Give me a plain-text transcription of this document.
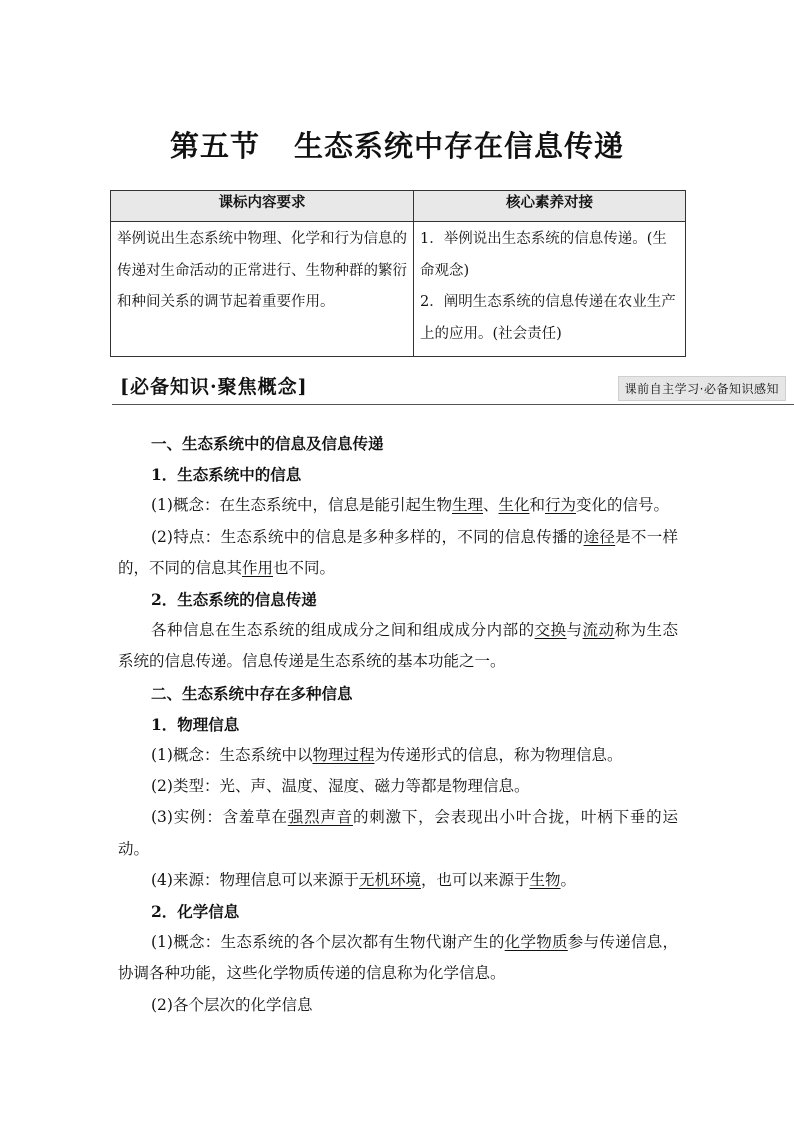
第五节 生态系统中存在信息传递
课标内容要求	核心素养对接
举例说出生态系统中物理、化学和行为信息的传递对生命活动的正常进行、生物种群的繁衍和种间关系的调节起着重要作用。	1．举例说出生态系统的信息传递。(生命观念)
2．阐明生态系统的信息传递在农业生产上的应用。(社会责任)
[必备知识·聚焦概念]	课前自主学习·必备知识感知

一、生态系统中的信息及信息传递

1．生态系统中的信息

(1)概念：在生态系统中，信息是能引起生物生理、生化和行为变化的信号。

(2)特点：生态系统中的信息是多种多样的，不同的信息传播的途径是不一样的，不同的信息其作用也不同。

2．生态系统的信息传递

各种信息在生态系统的组成成分之间和组成成分内部的交换与流动称为生态系统的信息传递。信息传递是生态系统的基本功能之一。

二、生态系统中存在多种信息

1．物理信息

(1)概念：生态系统中以物理过程为传递形式的信息，称为物理信息。

(2)类型：光、声、温度、湿度、磁力等都是物理信息。

(3)实例：含羞草在强烈声音的刺激下，会表现出小叶合拢，叶柄下垂的运动。

(4)来源：物理信息可以来源于无机环境，也可以来源于生物。

2．化学信息

(1)概念：生态系统的各个层次都有生物代谢产生的化学物质参与传递信息，协调各种功能，这些化学物质传递的信息称为化学信息。

(2)各个层次的化学信息
